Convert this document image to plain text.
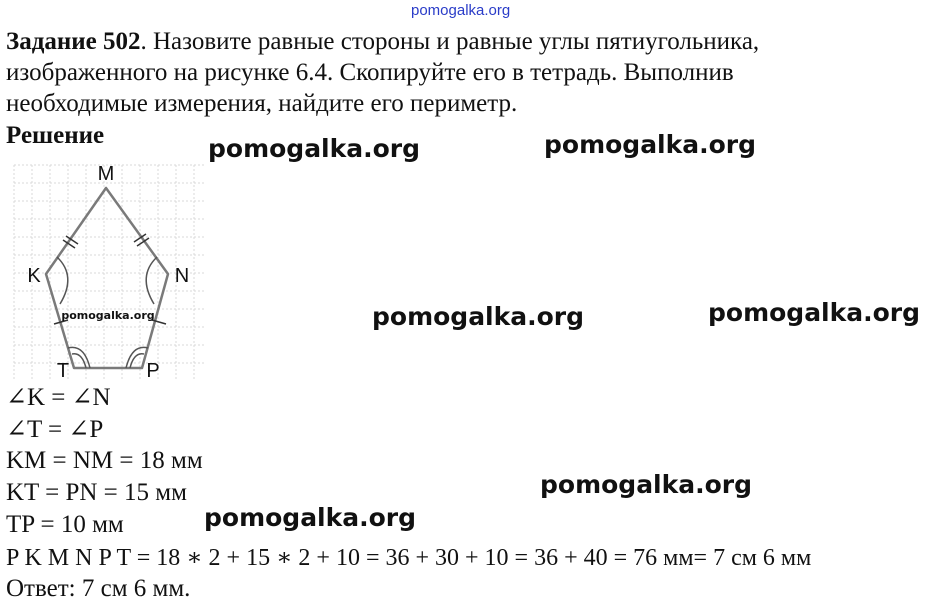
pomogalka.org
Задание 502. Назовите равные стороны и равные углы пятиугольника,
изображенного на рисунке 6.4. Скопируйте его в тетрадь. Выполнив
необходимые измерения, найдите его периметр.
Решение	pomogalka.org	pomogalka.org
pomogalka.org	pomogalka.org
pomogalka.org
pomogalka.org
M
K	N
T	P
pomogalka.org
∠K = ∠N
∠T = ∠P
KM = NM = 18 мм
KT = PN = 15 мм
TP = 10 мм
P K M N P T = 18 ∗ 2 + 15 ∗ 2 + 10 = 36 + 30 + 10 = 36 + 40 = 76 мм= 7 см 6 мм
Ответ: 7 см 6 мм.
